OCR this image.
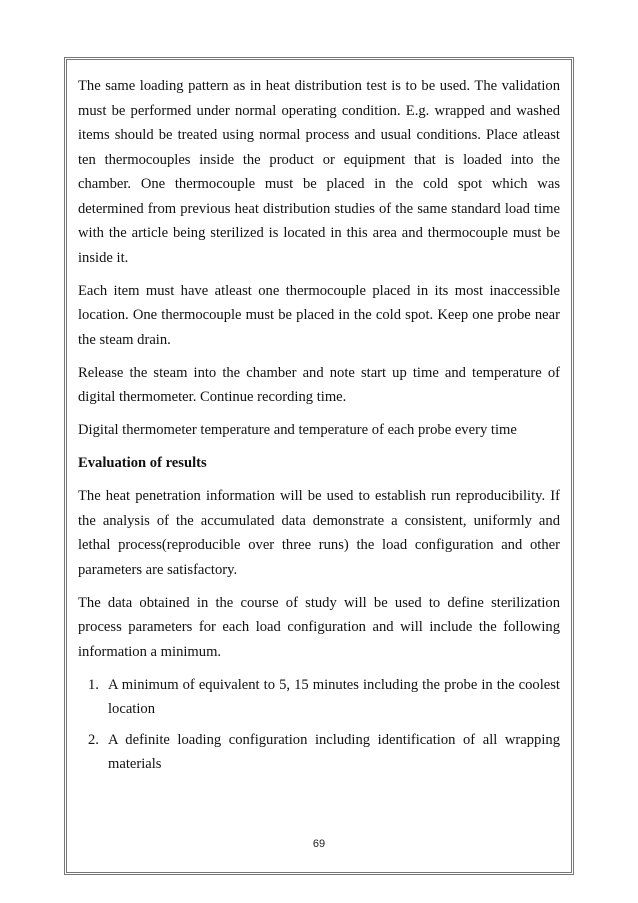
The same loading pattern as in heat distribution test is to be used. The validation must be performed under normal operating condition. E.g. wrapped and washed items should be treated using normal process and usual conditions. Place atleast ten thermocouples inside the product or equipment that is loaded into the chamber. One thermocouple must be placed in the cold spot which was determined from previous heat distribution studies of the same standard load time with the article being sterilized is located in this area and thermocouple must be inside it.

Each item must have atleast one thermocouple placed in its most inaccessible location. One thermocouple must be placed in the cold spot. Keep one probe near the steam drain.

Release the steam into the chamber and note start up time and temperature of digital thermometer. Continue recording time.

Digital thermometer temperature and temperature of each probe every time

Evaluation of results

The heat penetration information will be used to establish run reproducibility. If the analysis of the accumulated data demonstrate a consistent, uniformly and lethal process(reproducible over three runs) the load configuration and other parameters are satisfactory.

The data obtained in the course of study will be used to define sterilization process parameters for each load configuration and will include the following information a minimum.

1. A minimum of equivalent to 5, 15 minutes including the probe in the coolest location
2. A definite loading configuration including identification of all wrapping materials
69
